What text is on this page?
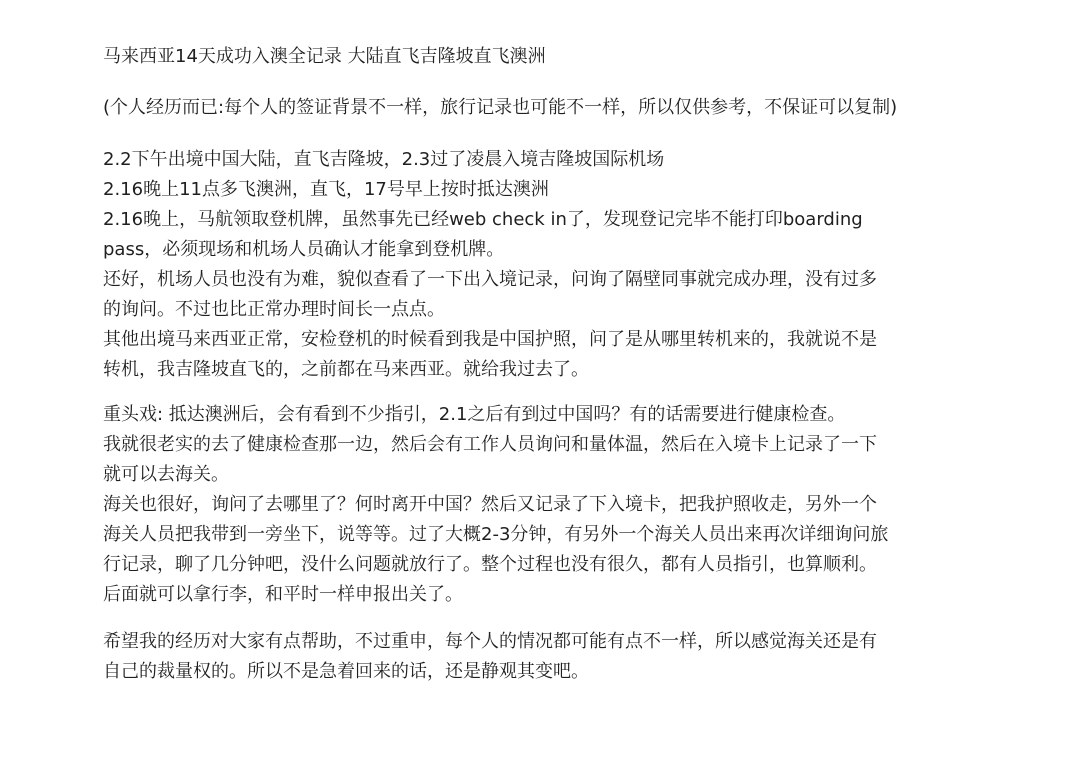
马来西亚14天成功入澳全记录 大陆直飞吉隆坡直飞澳洲
(个人经历而已:每个人的签证背景不一样，旅行记录也可能不一样，所以仅供参考，不保证可以复制)
2.2下午出境中国大陆，直飞吉隆坡，2.3过了凌晨入境吉隆坡国际机场
2.16晚上11点多飞澳洲，直飞，17号早上按时抵达澳洲
2.16晚上，马航领取登机牌，虽然事先已经web check in了，发现登记完毕不能打印boarding
pass，必须现场和机场人员确认才能拿到登机牌。
还好，机场人员也没有为难，貌似查看了一下出入境记录，问询了隔壁同事就完成办理，没有过多
的询问。不过也比正常办理时间长一点点。
其他出境马来西亚正常，安检登机的时候看到我是中国护照，问了是从哪里转机来的，我就说不是
转机，我吉隆坡直飞的，之前都在马来西亚。就给我过去了。
重头戏: 抵达澳洲后，会有看到不少指引，2.1之后有到过中国吗？有的话需要进行健康检查。
我就很老实的去了健康检查那一边，然后会有工作人员询问和量体温，然后在入境卡上记录了一下
就可以去海关。
海关也很好，询问了去哪里了？何时离开中国？然后又记录了下入境卡，把我护照收走，另外一个
海关人员把我带到一旁坐下，说等等。过了大概2-3分钟，有另外一个海关人员出来再次详细询问旅
行记录，聊了几分钟吧，没什么问题就放行了。整个过程也没有很久，都有人员指引，也算顺利。
后面就可以拿行李，和平时一样申报出关了。
希望我的经历对大家有点帮助，不过重申，每个人的情况都可能有点不一样，所以感觉海关还是有
自己的裁量权的。所以不是急着回来的话，还是静观其变吧。
